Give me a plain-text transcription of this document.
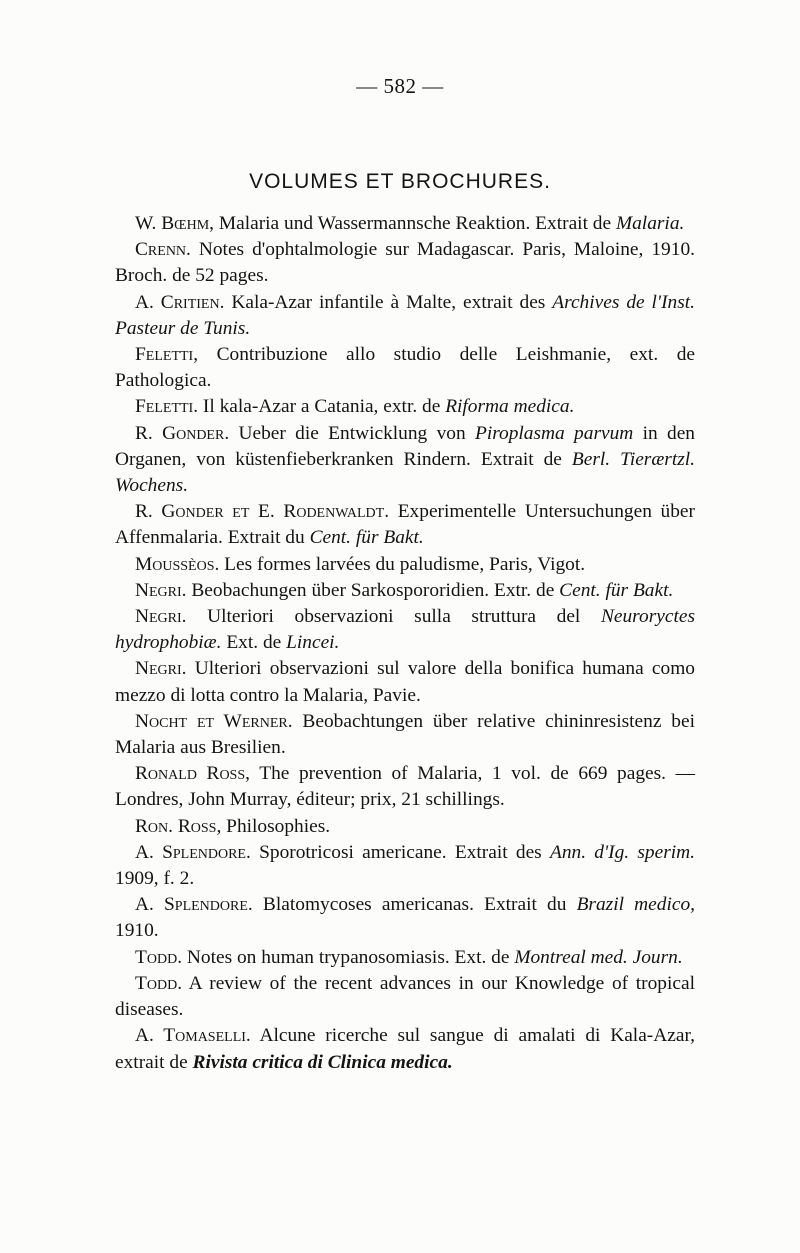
— 582 —
VOLUMES ET BROCHURES.

W. Bœhm, Malaria und Wassermannsche Reaktion. Extrait de Malaria.

Crenn. Notes d'ophtalmologie sur Madagascar. Paris, Maloine, 1910. Broch. de 52 pages.

A. Critien. Kala-Azar infantile à Malte, extrait des Archives de l'Inst. Pasteur de Tunis.

Feletti, Contribuzione allo studio delle Leishmanie, ext. de Pathologica.

Feletti. Il kala-Azar a Catania, extr. de Riforma medica.

R. Gonder. Ueber die Entwicklung von Piroplasma parvum in den Organen, von küstenfieberkranken Rindern. Extrait de Berl. Tierærtzl. Wochens.

R. Gonder et E. Rodenwaldt. Experimentelle Untersuchungen über Affenmalaria. Extrait du Cent. für Bakt.

Moussèos. Les formes larvées du paludisme, Paris, Vigot.

Negri. Beobachungen über Sarkospororidien. Extr. de Cent. für Bakt.

Negri. Ulteriori observazioni sulla struttura del Neuroryctes hydrophobiæ. Ext. de Lincei.

Negri. Ulteriori observazioni sul valore della bonifica humana como mezzo di lotta contro la Malaria, Pavie.

Nocht et Werner. Beobachtungen über relative chininresistenz bei Malaria aus Bresilien.

Ronald Ross, The prevention of Malaria, 1 vol. de 669 pages. — Londres, John Murray, éditeur; prix, 21 schillings.

Ron. Ross, Philosophies.

A. Splendore. Sporotricosi americane. Extrait des Ann. d'Ig. sperim. 1909, f. 2.

A. Splendore. Blatomycoses americanas. Extrait du Brazil medico, 1910.

Todd. Notes on human trypanosomiasis. Ext. de Montreal med. Journ.

Todd. A review of the recent advances in our Knowledge of tropical diseases.

A. Tomaselli. Alcune ricerche sul sangue di amalati di Kala-Azar, extrait de Rivista critica di Clinica medica.
